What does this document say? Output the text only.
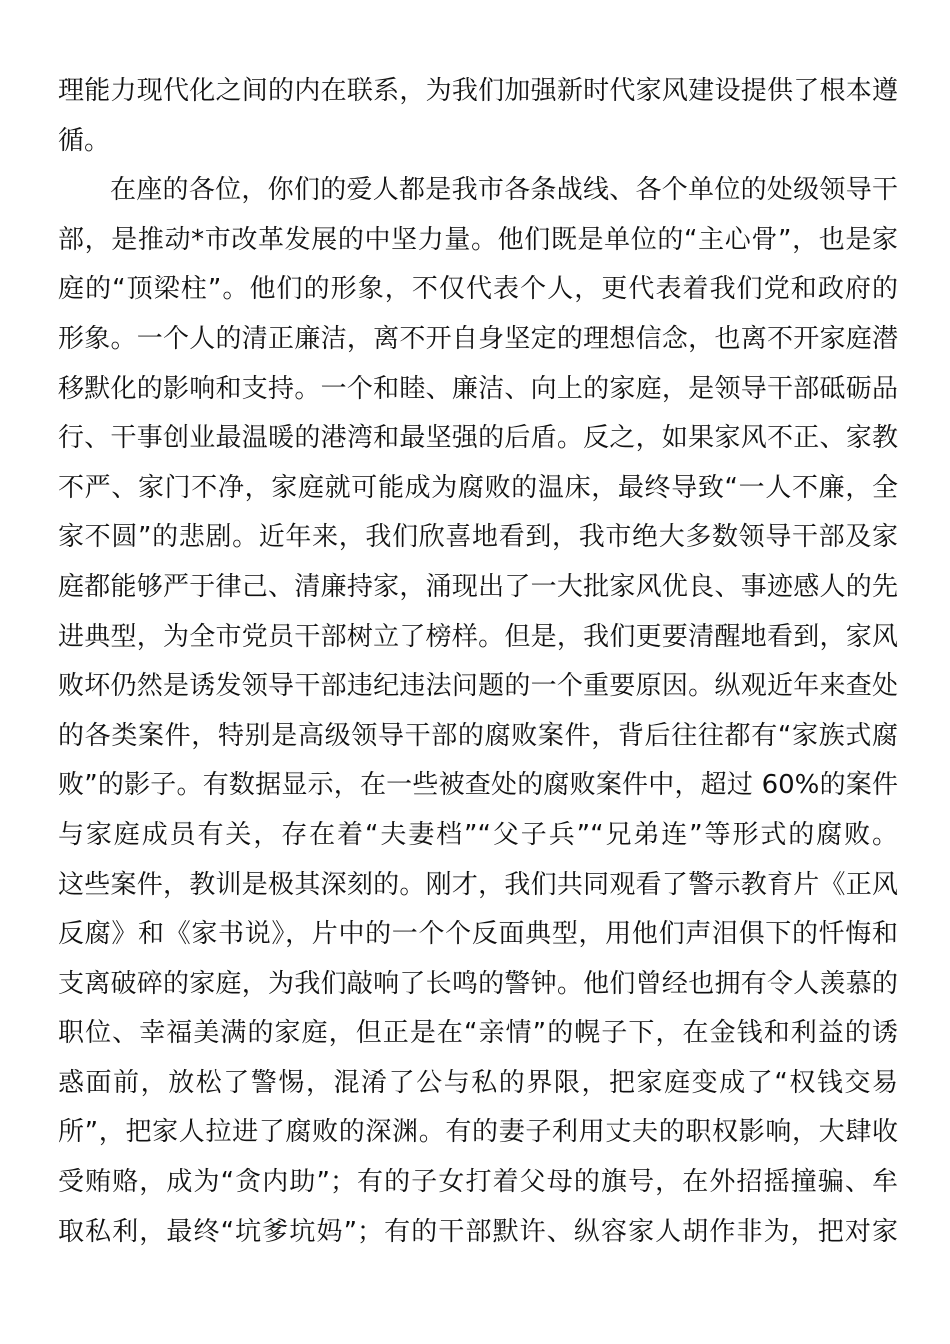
理能力现代化之间的内在联系，为我们加强新时代家风建设提供了根本遵
循。
在座的各位，你们的爱人都是我市各条战线、各个单位的处级领导干
部，是推动*市改革发展的中坚力量。他们既是单位的“主心骨”，也是家
庭的“顶梁柱”。他们的形象，不仅代表个人，更代表着我们党和政府的
形象。一个人的清正廉洁，离不开自身坚定的理想信念，也离不开家庭潜
移默化的影响和支持。一个和睦、廉洁、向上的家庭，是领导干部砥砺品
行、干事创业最温暖的港湾和最坚强的后盾。反之，如果家风不正、家教
不严、家门不净，家庭就可能成为腐败的温床，最终导致“一人不廉，全
家不圆”的悲剧。近年来，我们欣喜地看到，我市绝大多数领导干部及家
庭都能够严于律己、清廉持家，涌现出了一大批家风优良、事迹感人的先
进典型，为全市党员干部树立了榜样。但是，我们更要清醒地看到，家风
败坏仍然是诱发领导干部违纪违法问题的一个重要原因。纵观近年来查处
的各类案件，特别是高级领导干部的腐败案件，背后往往都有“家族式腐
败”的影子。有数据显示，在一些被查处的腐败案件中，超过 60%的案件
与家庭成员有关，存在着“夫妻档”“父子兵”“兄弟连”等形式的腐败。
这些案件，教训是极其深刻的。刚才，我们共同观看了警示教育片《正风
反腐》和《家书说》，片中的一个个反面典型，用他们声泪俱下的忏悔和
支离破碎的家庭，为我们敲响了长鸣的警钟。他们曾经也拥有令人羡慕的
职位、幸福美满的家庭，但正是在“亲情”的幌子下，在金钱和利益的诱
惑面前，放松了警惕，混淆了公与私的界限，把家庭变成了“权钱交易
所”，把家人拉进了腐败的深渊。有的妻子利用丈夫的职权影响，大肆收
受贿赂，成为“贪内助”；有的子女打着父母的旗号，在外招摇撞骗、牟
取私利，最终“坑爹坑妈”；有的干部默许、纵容家人胡作非为，把对家
